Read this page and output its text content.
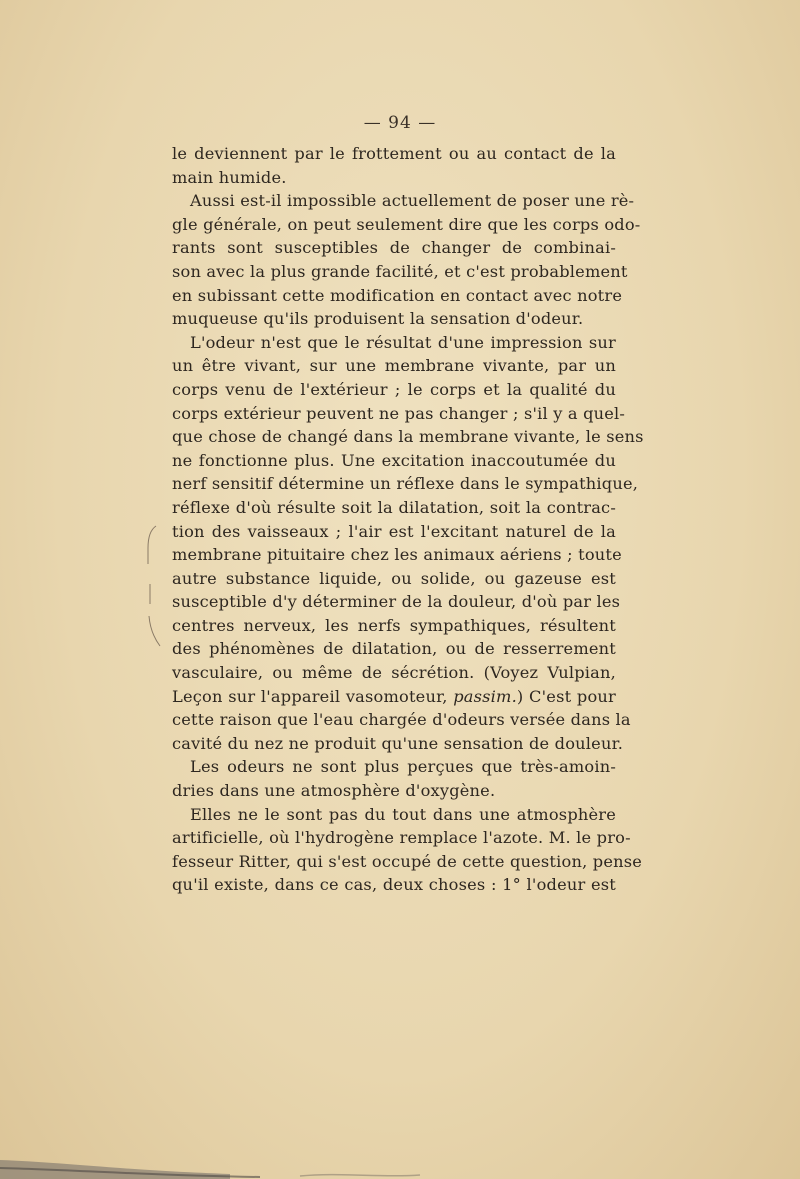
— 94 —
le deviennent par le frottement ou au contact de la
main humide.
Aussi est-il impossible actuellement de poser une rè-
gle générale, on peut seulement dire que les corps odo-
rants sont susceptibles de changer de combinai-
son avec la plus grande facilité, et c'est probablement
en subissant cette modification en contact avec notre
muqueuse qu'ils produisent la sensation d'odeur.
L'odeur n'est que le résultat d'une impression sur
un être vivant, sur une membrane vivante, par un
corps venu de l'extérieur ; le corps et la qualité du
corps extérieur peuvent ne pas changer ; s'il y a quel-
que chose de changé dans la membrane vivante, le sens
ne fonctionne plus. Une excitation inaccoutumée du
nerf sensitif détermine un réflexe dans le sympathique,
réflexe d'où résulte soit la dilatation, soit la contrac-
tion des vaisseaux ; l'air est l'excitant naturel de la
membrane pituitaire chez les animaux aériens ; toute
autre substance liquide, ou solide, ou gazeuse est
susceptible d'y déterminer de la douleur, d'où par les
centres nerveux, les nerfs sympathiques, résultent
des phénomènes de dilatation, ou de resserrement
vasculaire, ou même de sécrétion. (Voyez Vulpian,
Leçon sur l'appareil vasomoteur, passim.) C'est pour
cette raison que l'eau chargée d'odeurs versée dans la
cavité du nez ne produit qu'une sensation de douleur.
Les odeurs ne sont plus perçues que très-amoin-
dries dans une atmosphère d'oxygène.
Elles ne le sont pas du tout dans une atmosphère
artificielle, où l'hydrogène remplace l'azote. M. le pro-
fesseur Ritter, qui s'est occupé de cette question, pense
qu'il existe, dans ce cas, deux choses : 1° l'odeur est
